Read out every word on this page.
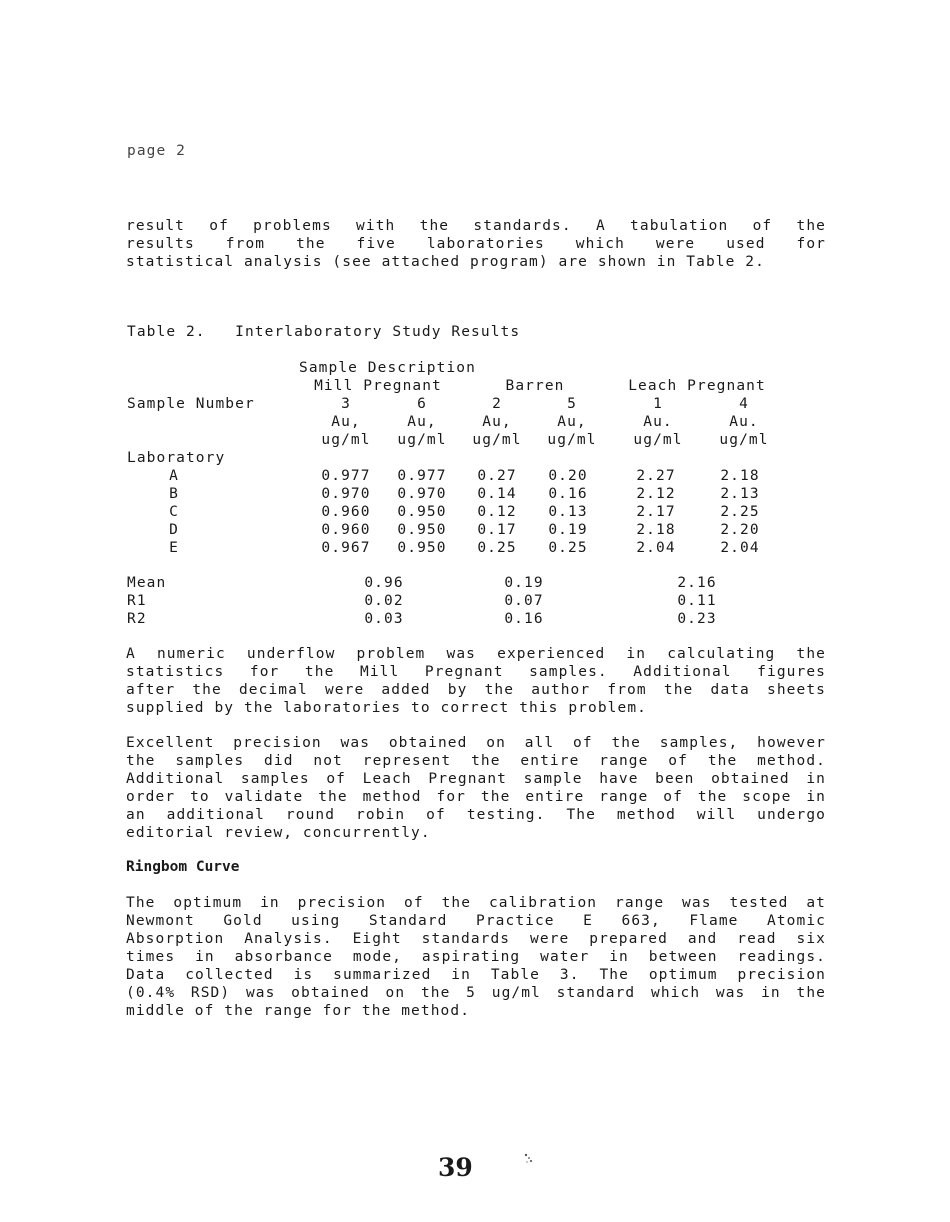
page 2
result of problems with the standards. A tabulation of the
results from the five laboratories which were used for
statistical analysis (see attached program) are shown in Table 2.
Table 2.   Interlaboratory Study Results
Sample Description
Mill Pregnant	Barren	Leach Pregnant
Sample Number	3	6	2	5	1	4
Au,	Au,	Au,	Au,	Au.	Au.
ug/ml ug/ml ug/ml ug/ml	ug/ml	ug/ml
Laboratory
A	0.977 0.977 0.27 0.20	2.27	2.18
B	0.970 0.970 0.14 0.16	2.12	2.13
C	0.960 0.950 0.12 0.13	2.17	2.25
D	0.960 0.950 0.17 0.19	2.18	2.20
E	0.967 0.950 0.25 0.25	2.04	2.04
Mean	0.96	0.19	2.16
R1	0.02	0.07	0.11
R2	0.03	0.16	0.23
A numeric underflow problem was experienced in calculating the
statistics for the Mill Pregnant samples. Additional figures
after the decimal were added by the author from the data sheets
supplied by the laboratories to correct this problem.
Excellent precision was obtained on all of the samples, however
the samples did not represent the entire range of the method.
Additional samples of Leach Pregnant sample have been obtained in
order to validate the method for the entire range of the scope in
an additional round robin of testing. The method will undergo
editorial review, concurrently.
Ringbom Curve
The optimum in precision of the calibration range was tested at
Newmont Gold using Standard Practice E 663, Flame Atomic
Absorption Analysis. Eight standards were prepared and read six
times in absorbance mode, aspirating water in between readings.
Data collected is summarized in Table 3. The optimum precision
(0.4% RSD) was obtained on the 5 ug/ml standard which was in the
middle of the range for the method.
39
